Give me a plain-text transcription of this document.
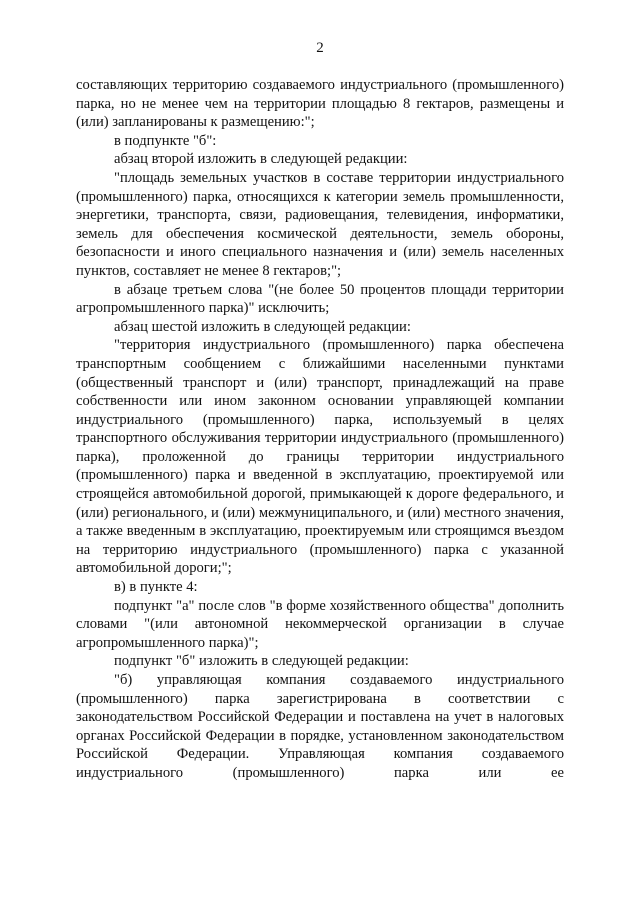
2

составляющих территорию создаваемого индустриального (промышленного) парка, но не менее чем на территории площадью 8 гектаров, размещены и (или) запланированы к размещению:";

в подпункте "б":

абзац второй изложить в следующей редакции:

"площадь земельных участков в составе территории индустриального (промышленного) парка, относящихся к категории земель промышленности, энергетики, транспорта, связи, радиовещания, телевидения, информатики, земель для обеспечения космической деятельности, земель обороны, безопасности и иного специального назначения и (или) земель населенных пунктов, составляет не менее 8 гектаров;";

в абзаце третьем слова "(не более 50 процентов площади территории агропромышленного парка)" исключить;

абзац шестой изложить в следующей редакции:

"территория индустриального (промышленного) парка обеспечена транспортным сообщением с ближайшими населенными пунктами (общественный транспорт и (или) транспорт, принадлежащий на праве собственности или ином законном основании управляющей компании индустриального (промышленного) парка, используемый в целях транспортного обслуживания территории индустриального (промышленного) парка), проложенной до границы территории индустриального (промышленного) парка и введенной в эксплуатацию, проектируемой или строящейся автомобильной дорогой, примыкающей к дороге федерального, и (или) регионального, и (или) межмуниципального, и (или) местного значения, а также введенным в эксплуатацию, проектируемым или строящимся въездом на территорию индустриального (промышленного) парка с указанной автомобильной дороги;";

в) в пункте 4:

подпункт "а" после слов "в форме хозяйственного общества" дополнить словами "(или автономной некоммерческой организации в случае агропромышленного парка)";

подпункт "б" изложить в следующей редакции:

"б) управляющая компания создаваемого индустриального (промышленного) парка зарегистрирована в соответствии с законодательством Российской Федерации и поставлена на учет в налоговых органах Российской Федерации в порядке, установленном законодательством Российской Федерации. Управляющая компания создаваемого индустриального (промышленного) парка или ее
